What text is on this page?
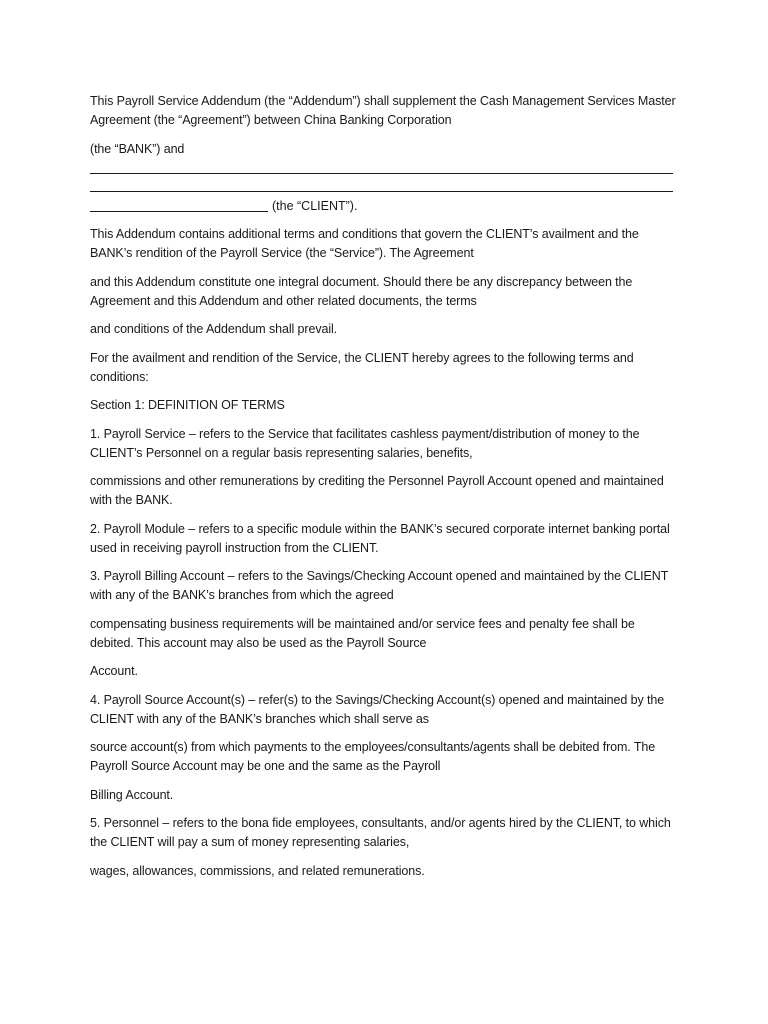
This Payroll Service Addendum (the “Addendum”) shall supplement the Cash Management Services Master Agreement (the “Agreement”) between China Banking Corporation

(the “BANK”) and

(the “CLIENT”).

This Addendum contains additional terms and conditions that govern the CLIENT’s availment and the BANK’s rendition of the Payroll Service (the “Service”). The Agreement

and this Addendum constitute one integral document. Should there be any discrepancy between the Agreement and this Addendum and other related documents, the terms

and conditions of the Addendum shall prevail.

For the availment and rendition of the Service, the CLIENT hereby agrees to the following terms and conditions:

Section 1: DEFINITION OF TERMS

1. Payroll Service – refers to the Service that facilitates cashless payment/distribution of money to the CLIENT’s Personnel on a regular basis representing salaries, benefits,

commissions and other remunerations by crediting the Personnel Payroll Account opened and maintained with the BANK.

2. Payroll Module – refers to a specific module within the BANK’s secured corporate internet banking portal used in receiving payroll instruction from the CLIENT.

3. Payroll Billing Account – refers to the Savings/Checking Account opened and maintained by the CLIENT with any of the BANK’s branches from which the agreed

compensating business requirements will be maintained and/or service fees and penalty fee shall be debited. This account may also be used as the Payroll Source

Account.

4. Payroll Source Account(s) – refer(s) to the Savings/Checking Account(s) opened and maintained by the CLIENT with any of the BANK’s branches which shall serve as

source account(s) from which payments to the employees/consultants/agents shall be debited from. The Payroll Source Account may be one and the same as the Payroll

Billing Account.

5. Personnel – refers to the bona fide employees, consultants, and/or agents hired by the CLIENT, to which the CLIENT will pay a sum of money representing salaries,

wages, allowances, commissions, and related remunerations.
